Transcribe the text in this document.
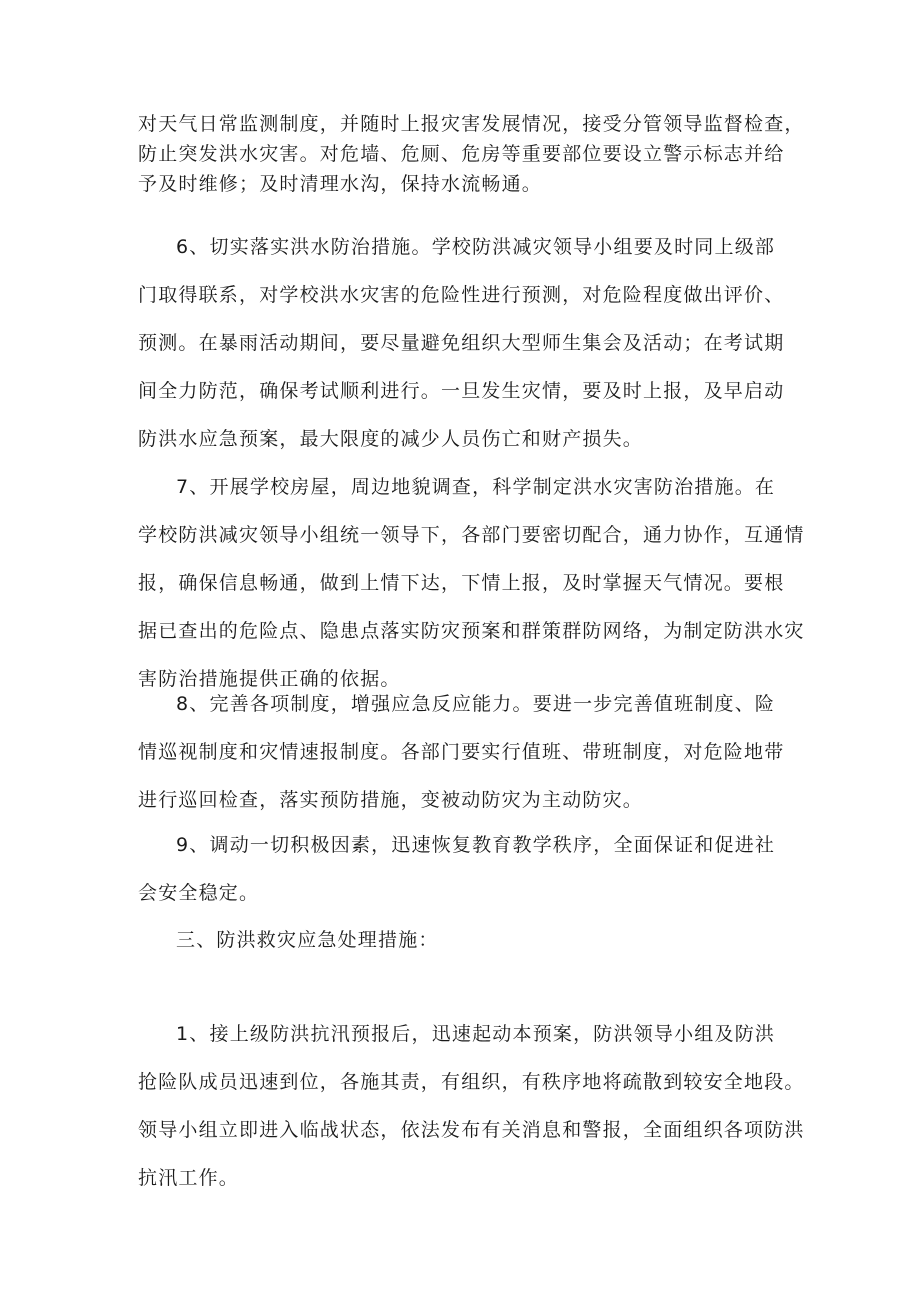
对天气日常监测制度，并随时上报灾害发展情况，接受分管领导监督检查，
防止突发洪水灾害。对危墙、危厕、危房等重要部位要设立警示标志并给
予及时维修；及时清理水沟，保持水流畅通。

6、切实落实洪水防治措施。学校防洪减灾领导小组要及时同上级部
门取得联系，对学校洪水灾害的危险性进行预测，对危险程度做出评价、
预测。在暴雨活动期间，要尽量避免组织大型师生集会及活动；在考试期
间全力防范，确保考试顺利进行。一旦发生灾情，要及时上报，及早启动
防洪水应急预案，最大限度的减少人员伤亡和财产损失。

7、开展学校房屋，周边地貌调查，科学制定洪水灾害防治措施。在
学校防洪减灾领导小组统一领导下，各部门要密切配合，通力协作，互通情
报，确保信息畅通，做到上情下达，下情上报，及时掌握天气情况。要根
据已查出的危险点、隐患点落实防灾预案和群策群防网络，为制定防洪水灾
害防治措施提供正确的依据。

8、完善各项制度，增强应急反应能力。要进一步完善值班制度、险
情巡视制度和灾情速报制度。各部门要实行值班、带班制度，对危险地带
进行巡回检查，落实预防措施，变被动防灾为主动防灾。

9、调动一切积极因素，迅速恢复教育教学秩序，全面保证和促进社
会安全稳定。

三、防洪救灾应急处理措施：

1、接上级防洪抗汛预报后，迅速起动本预案，防洪领导小组及防洪
抢险队成员迅速到位，各施其责，有组织，有秩序地将疏散到较安全地段。
领导小组立即进入临战状态，依法发布有关消息和警报，全面组织各项防洪
抗汛工作。
